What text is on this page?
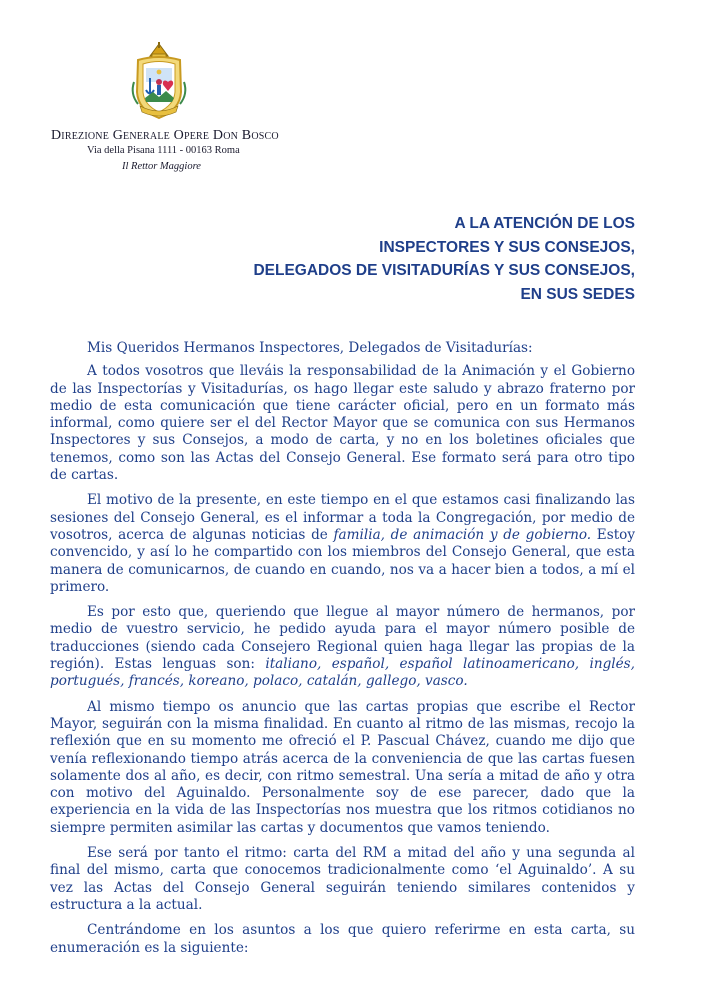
Direzione Generale Opere Don Bosco
Via della Pisana 1111 - 00163 Roma
Il Rettor Maggiore
A LA ATENCIÓN DE LOS
INSPECTORES Y SUS CONSEJOS,
DELEGADOS DE VISITADURÍAS Y SUS CONSEJOS,
EN SUS SEDES

Mis Queridos Hermanos Inspectores, Delegados de Visitadurías:

A todos vosotros que lleváis la responsabilidad de la Animación y el Gobierno de las Inspectorías y Visitadurías, os hago llegar este saludo y abrazo fraterno por medio de esta comunicación que tiene carácter oficial, pero en un formato más informal, como quiere ser el del Rector Mayor que se comunica con sus Hermanos Inspectores y sus Consejos, a modo de carta, y no en los boletines oficiales que tenemos, como son las Actas del Consejo General. Ese formato será para otro tipo de cartas.

El motivo de la presente, en este tiempo en el que estamos casi finalizando las sesiones del Consejo General, es el informar a toda la Congregación, por medio de vosotros, acerca de algunas noticias de familia, de animación y de gobierno. Estoy convencido, y así lo he compartido con los miembros del Consejo General, que esta manera de comunicarnos, de cuando en cuando, nos va a hacer bien a todos, a mí el primero.

Es por esto que, queriendo que llegue al mayor número de hermanos, por medio de vuestro servicio, he pedido ayuda para el mayor número posible de traducciones (siendo cada Consejero Regional quien haga llegar las propias de la región). Estas lenguas son: italiano, español, español latinoamericano, inglés, portugués, francés, koreano, polaco, catalán, gallego, vasco.

Al mismo tiempo os anuncio que las cartas propias que escribe el Rector Mayor, seguirán con la misma finalidad. En cuanto al ritmo de las mismas, recojo la reflexión que en su momento me ofreció el P. Pascual Chávez, cuando me dijo que venía reflexionando tiempo atrás acerca de la conveniencia de que las cartas fuesen solamente dos al año, es decir, con ritmo semestral. Una sería a mitad de año y otra con motivo del Aguinaldo. Personalmente soy de ese parecer, dado que la experiencia en la vida de las Inspectorías nos muestra que los ritmos cotidianos no siempre permiten asimilar las cartas y documentos que vamos teniendo.

Ese será por tanto el ritmo: carta del RM a mitad del año y una segunda al final del mismo, carta que conocemos tradicionalmente como ‘el Aguinaldo’. A su vez las Actas del Consejo General seguirán teniendo similares contenidos y estructura a la actual.

Centrándome en los asuntos a los que quiero referirme en esta carta, su enumeración es la siguiente:
